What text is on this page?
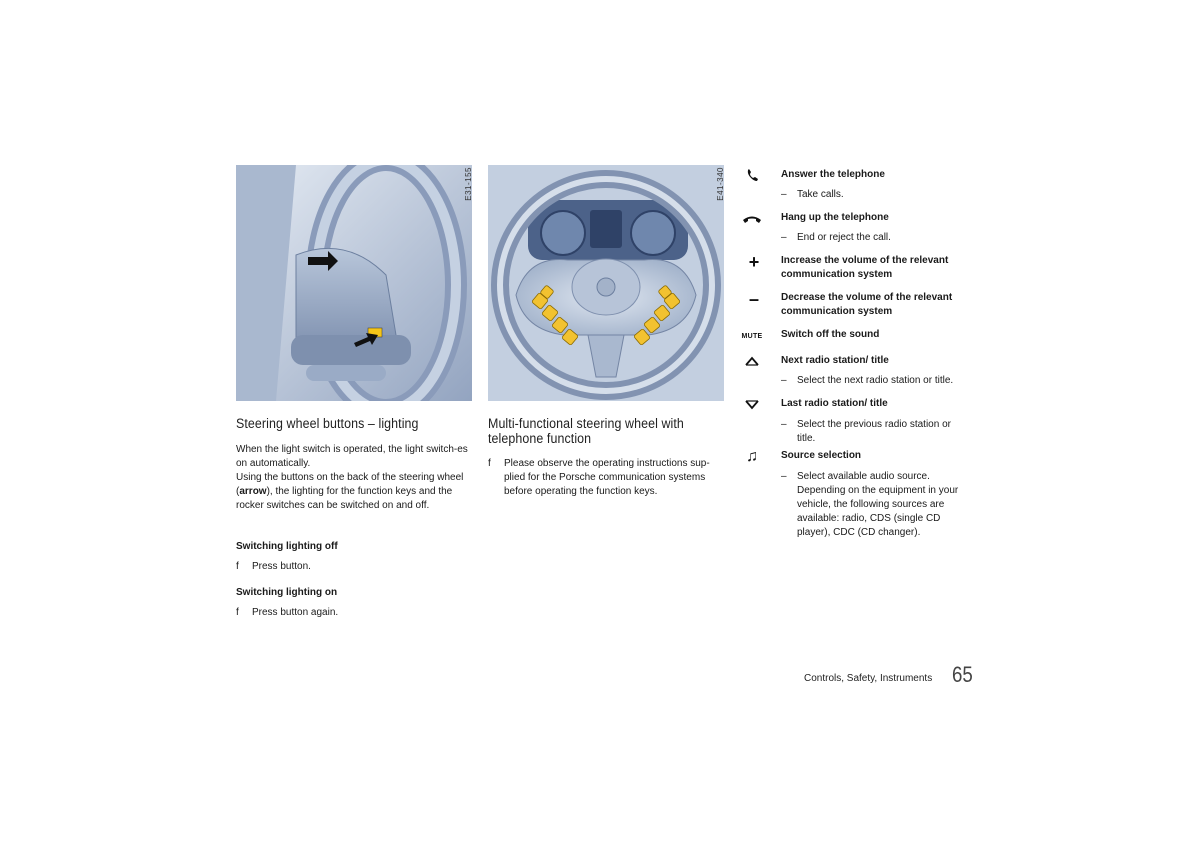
E31-155	E41-340
Steering wheel buttons – lighting
When the light switch is operated, the light switch-es on automatically.
Using the buttons on the back of the steering wheel (arrow), the lighting for the function keys and the rocker switches can be switched on and off.
Switching lighting off
f	Press button.
Switching lighting on
f	Press button again.
Multi-functional steering wheel with
telephone function
f	Please observe the operating instructions sup-plied for the Porsche communication systems before operating the function keys.
Answer the telephone
–	Take calls.
Hang up the telephone
–	End or reject the call.
+ Increase the volume of the relevant communication system
– Decrease the volume of the relevant communication system
MUTE Switch off the sound
Next radio station/ title
–	Select the next radio station or title.
Last radio station/ title
–	Select the previous radio station or title.
♫ Source selection
–	Select available audio source. Depending on the equipment in your vehicle, the following sources are available: radio, CDS (single CD player), CDC (CD changer).
Controls, Safety, Instruments 65
